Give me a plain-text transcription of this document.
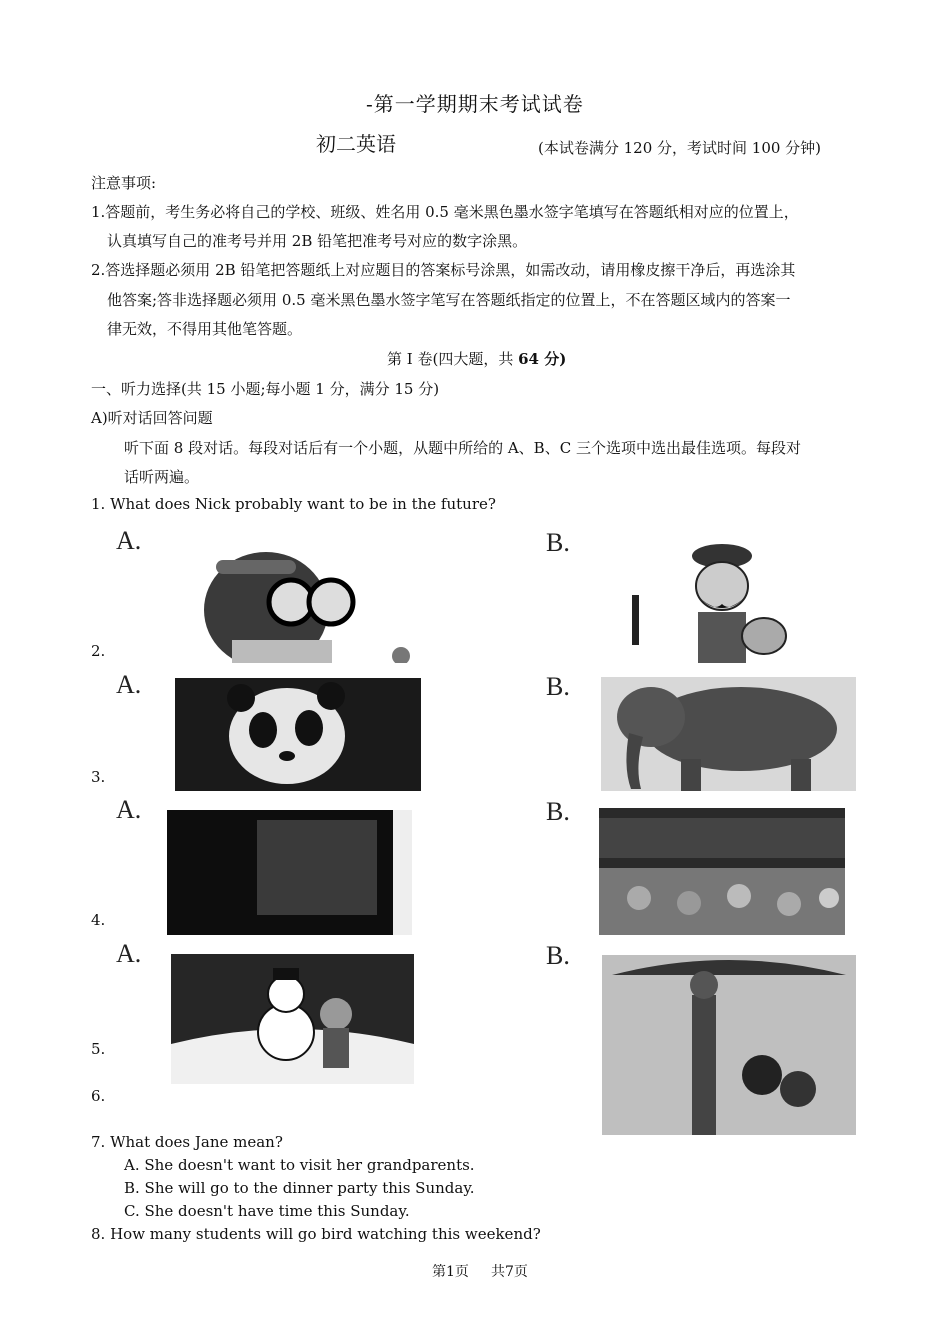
-第一学期期末考试试卷
初二英语	(本试卷满分 120 分，考试时间 100 分钟)
注意事项:
1.答题前，考生务必将自己的学校、班级、姓名用 0.5 毫米黑色墨水签字笔填写在答题纸相对应的位置上，
认真填写自己的准考号并用 2B 铅笔把准考号对应的数字涂黑。
2.答选择题必须用 2B 铅笔把答题纸上对应题目的答案标号涂黑，如需改动，请用橡皮擦干净后，再选涂其
他答案;答非选择题必须用 0.5 毫米黑色墨水签字笔写在答题纸指定的位置上，不在答题区域内的答案一
律无效，不得用其他笔答题。
第 I 卷(四大题，共 64 分)
一、听力选择(共 15 小题;每小题 1 分，满分 15 分)
A)听对话回答问题
听下面 8 段对话。每段对话后有一个小题，从题中所给的 A、B、C 三个选项中选出最佳选项。每段对
话听两遍。
1. What does Nick probably want to be in the future?
A.	B.
2.
A.	B.
3.
A.	B.
4.
A.	B.
5.
6.
7. What does Jane mean?
A. She doesn't want to visit her grandparents.
B. She will go to the dinner party this Sunday.
C. She doesn't have time this Sunday.
8. How many students will go bird watching this weekend?
第1页 共7页
